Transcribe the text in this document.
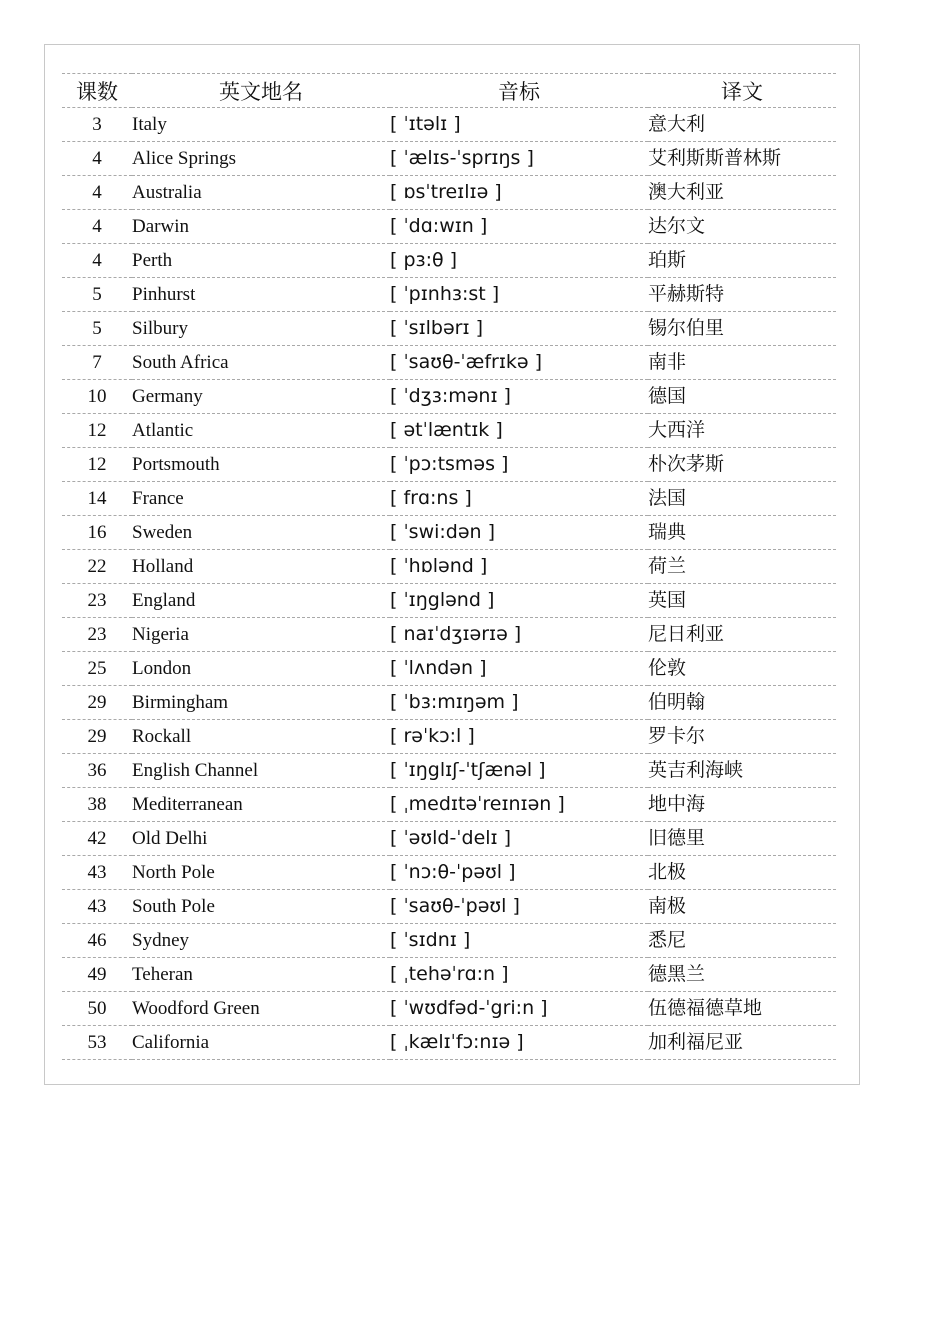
课数	英文地名	音标	译文
3	Italy	[ ˈɪtəlɪ ]	意大利
4	Alice Springs	[ ˈælɪs-ˈsprɪŋs ]	艾利斯斯普林斯
4	Australia	[ ɒsˈtreɪlɪə ]	澳大利亚
4	Darwin	[ ˈdɑ:wɪn ]	达尔文
4	Perth	[ pɜ:θ ]	珀斯
5	Pinhurst	[ ˈpɪnhɜ:st ]	平赫斯特
5	Silbury	[ ˈsɪlbərɪ ]	锡尔伯里
7	South Africa	[ ˈsaʊθ-ˈæfrɪkə ]	南非
10	Germany	[ ˈdʒɜ:mənɪ ]	德国
12	Atlantic	[ ətˈlæntɪk ]	大西洋
12	Portsmouth	[ ˈpɔ:tsməs ]	朴次茅斯
14	France	[ frɑ:ns ]	法国
16	Sweden	[ ˈswi:dən ]	瑞典
22	Holland	[ ˈhɒlənd ]	荷兰
23	England	[ ˈɪŋglənd ]	英国
23	Nigeria	[ naɪˈdʒɪərɪə ]	尼日利亚
25	London	[ ˈlʌndən ]	伦敦
29	Birmingham	[ ˈbɜ:mɪŋəm ]	伯明翰
29	Rockall	[ rəˈkɔ:l ]	罗卡尔
36	English Channel	[ ˈɪŋglɪʃ-ˈtʃænəl ]	英吉利海峡
38	Mediterranean	[ ˌmedɪtəˈreɪnɪən ]	地中海
42	Old Delhi	[ ˈəʊld-ˈdelɪ ]	旧德里
43	North Pole	[ ˈnɔ:θ-ˈpəʊl ]	北极
43	South Pole	[ ˈsaʊθ-ˈpəʊl ]	南极
46	Sydney	[ ˈsɪdnɪ ]	悉尼
49	Teheran	[ ˌtehəˈrɑ:n ]	德黑兰
50	Woodford Green	[ ˈwʊdfəd-ˈgri:n ]	伍德福德草地
53	California	[ ˌkælɪˈfɔ:nɪə ]	加利福尼亚
